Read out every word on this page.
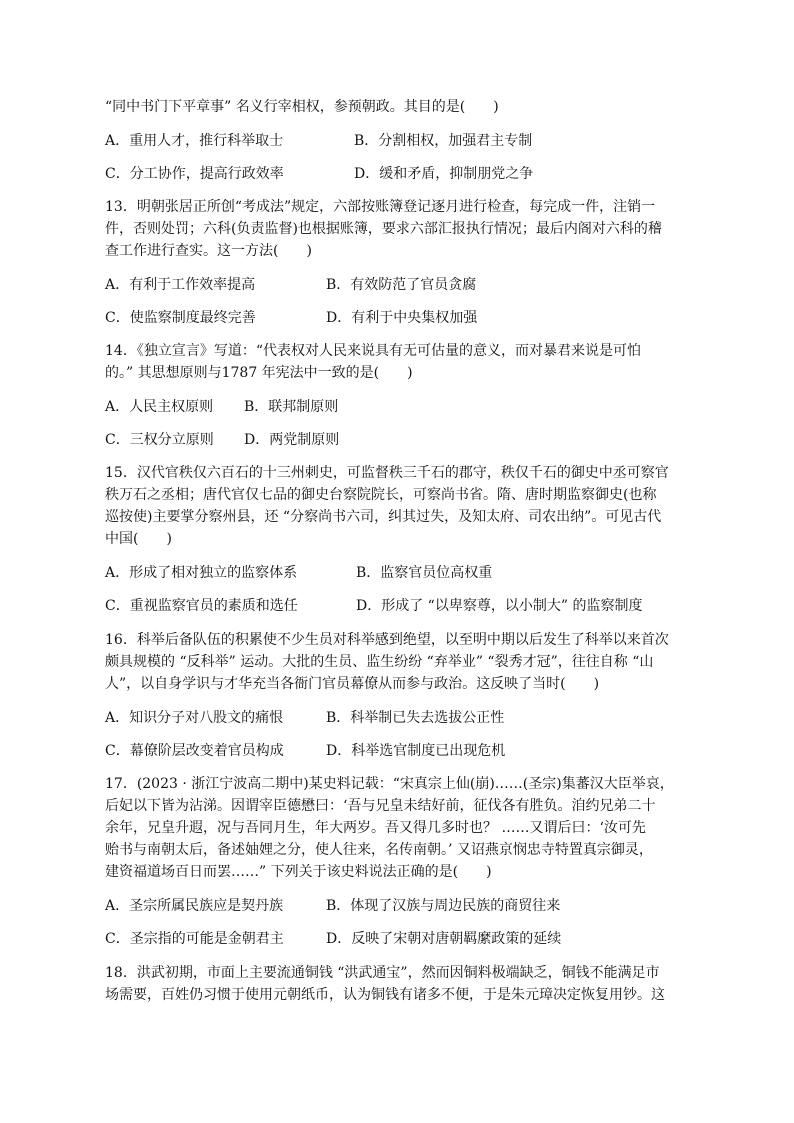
“同中书门下平章事” 名义行宰相权，参预朝政。其目的是(　　)
A．重用人才，推行科举取士	B．分割相权，加强君主专制
C．分工协作，提高行政效率	D．缓和矛盾，抑制朋党之争
13．明朝张居正所创“考成法”规定，六部按账簿登记逐月进行检查，每完成一件，注销一
件，否则处罚；六科(负责监督)也根据账簿，要求六部汇报执行情况；最后内阁对六科的稽
查工作进行查实。这一方法(　　)
A．有利于工作效率提高	B．有效防范了官员贪腐
C．使监察制度最终完善	D．有利于中央集权加强
14．《独立宣言》写道：“代表权对人民来说具有无可估量的意义，而对暴君来说是可怕
的。” 其思想原则与1787 年宪法中一致的是(　　)
A．人民主权原则 B．联邦制原则
C．三权分立原则 D．两党制原则
15．汉代官秩仅六百石的十三州刺史，可监督秩三千石的郡守，秩仅千石的御史中丞可察官
秩万石之丞相；唐代官仅七品的御史台察院院长，可察尚书省。隋、唐时期监察御史(也称
巡按使)主要掌分察州县，还 “分察尚书六司，纠其过失，及知太府、司农出纳”。可见古代
中国(　　)
A．形成了相对独立的监察体系	B．监察官员位高权重
C．重视监察官员的素质和选任	D．形成了 “以卑察尊，以小制大” 的监察制度
16．科举后备队伍的积累使不少生员对科举感到绝望，以至明中期以后发生了科举以来首次
颇具规模的 “反科举” 运动。大批的生员、监生纷纷 “弃举业” “裂秀才冠”，往往自称 “山
人”，以自身学识与才华充当各衙门官员幕僚从而参与政治。这反映了当时(　　)
A．知识分子对八股文的痛恨	B．科举制已失去选拔公正性
C．幕僚阶层改变着官员构成	D．科举选官制度已出现危机
17．(2023 · 浙江宁波高二期中)某史料记载：“宋真宗上仙(崩)……(圣宗)集蕃汉大臣举哀，
后妃以下皆为沾涕。因谓宰臣德懋曰：‘吾与兄皇未结好前，征伐各有胜负。洎约兄弟二十
余年，兄皇升遐，况与吾同月生，年大两岁。吾又得几多时也？ ……又谓后曰：‘汝可先
贻书与南朝太后，备述妯娌之分，使人往来，名传南朝。’ 又诏燕京悯忠寺特置真宗御灵，
建资福道场百日而罢……” 下列关于该史料说法正确的是(　　)
A．圣宗所属民族应是契丹族	B．体现了汉族与周边民族的商贸往来
C．圣宗指的可能是金朝君主	D．反映了宋朝对唐朝羁縻政策的延续
18．洪武初期，市面上主要流通铜钱 “洪武通宝”，然而因铜料极端缺乏，铜钱不能满足市
场需要，百姓仍习惯于使用元朝纸币，认为铜钱有诸多不便，于是朱元璋决定恢复用钞。这
